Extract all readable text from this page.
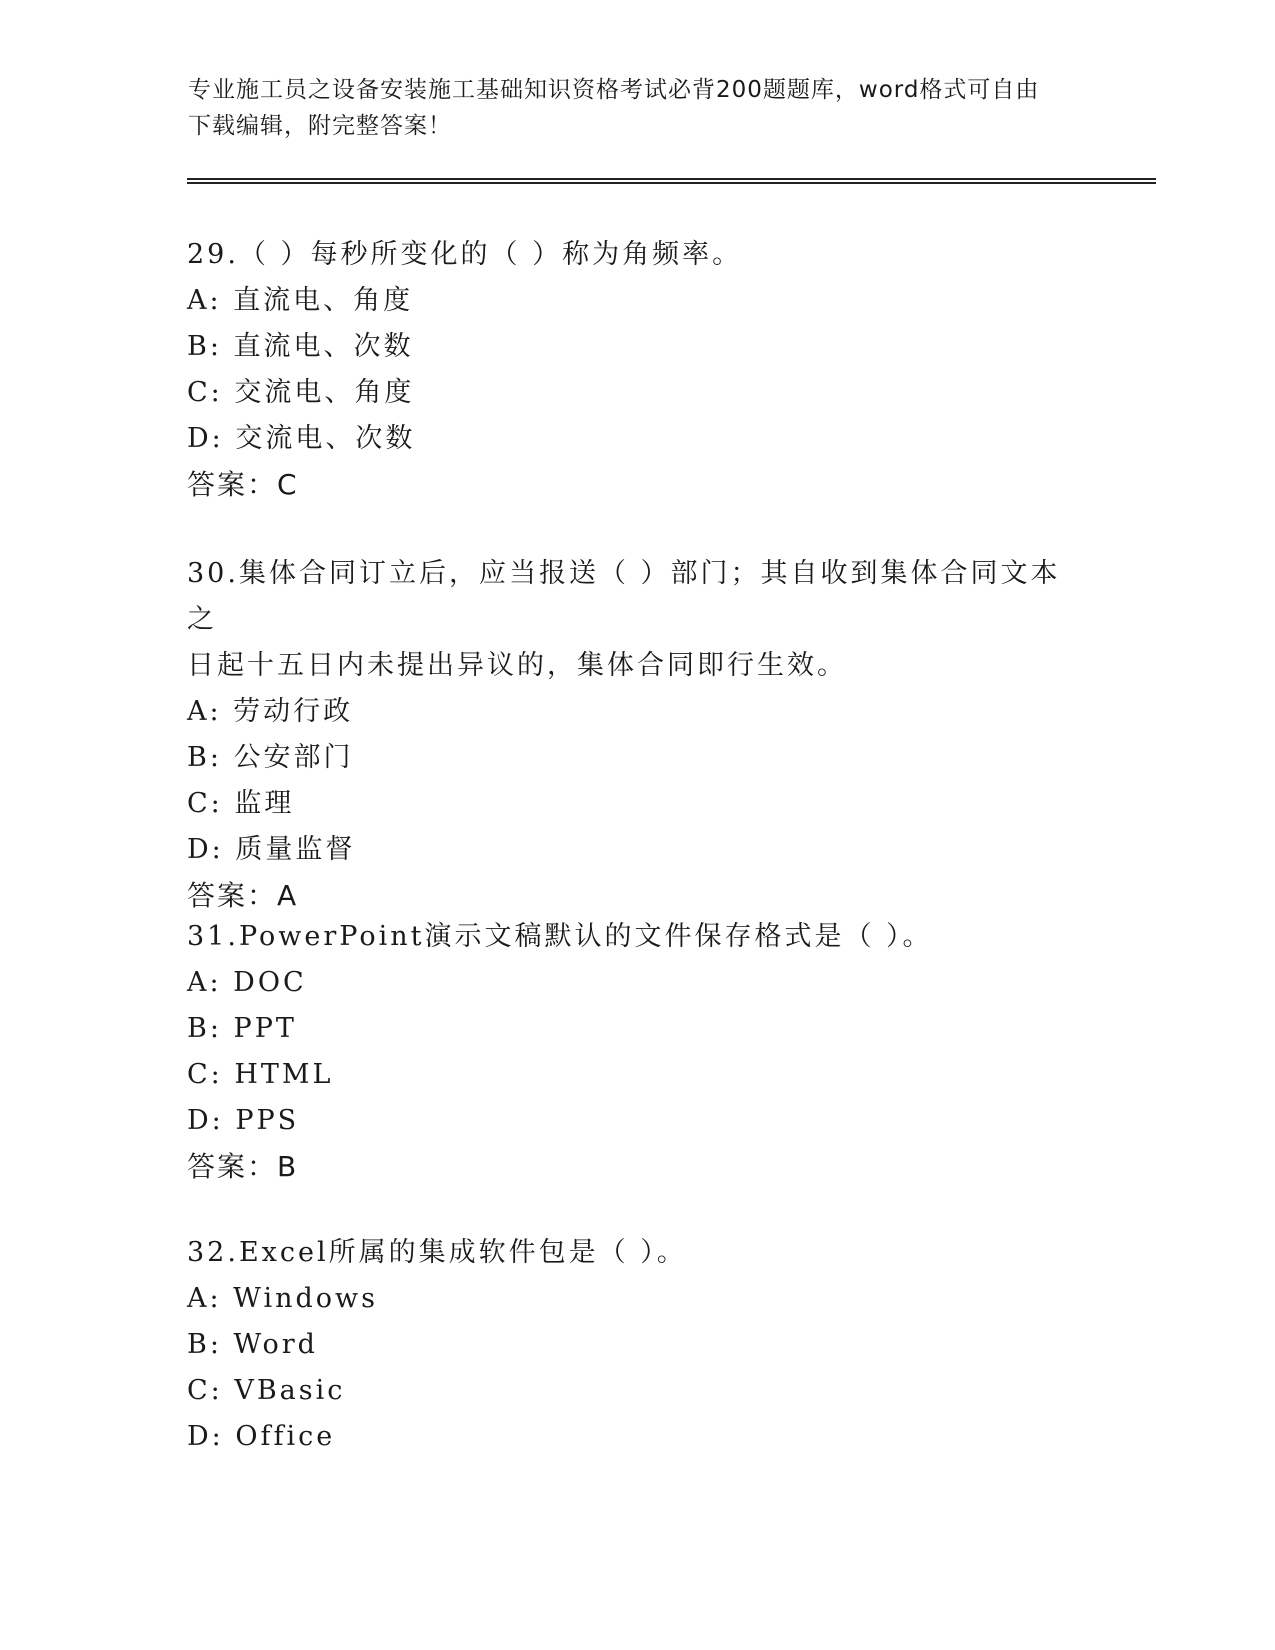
专业施工员之设备安装施工基础知识资格考试必背200题题库，word格式可自由
下载编辑，附完整答案！
29.（ ）每秒所变化的（ ）称为角频率。
A: 直流电、角度
B: 直流电、次数
C: 交流电、角度
D: 交流电、次数
答案：C
30.集体合同订立后，应当报送（ ）部门；其自收到集体合同文本之
日起十五日内未提出异议的，集体合同即行生效。
A: 劳动行政
B: 公安部门
C: 监理
D: 质量监督
答案：A
31.PowerPoint演示文稿默认的文件保存格式是（ ）。
A: DOC
B: PPT
C: HTML
D: PPS
答案：B
32.Excel所属的集成软件包是（ ）。
A: Windows
B: Word
C: VBasic
D: Office
